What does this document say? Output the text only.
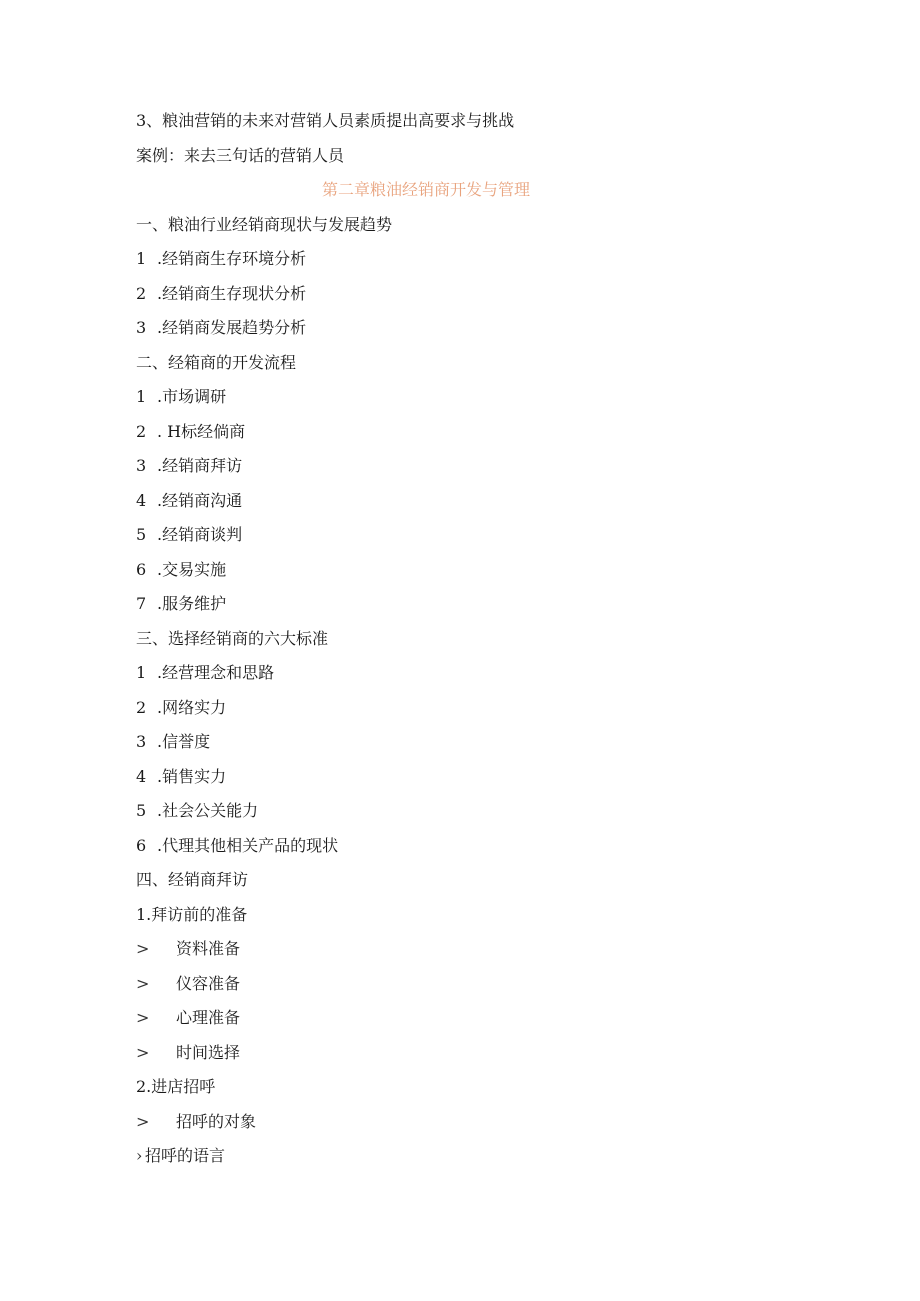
3、粮油营销的未来对营销人员素质提出高要求与挑战
案例：来去三句话的营销人员
第二章粮油经销商开发与管理
一、粮油行业经销商现状与发展趋势
1 .经销商生存环境分析
2 .经销商生存现状分析
3 .经销商发展趋势分析
二、经箱商的开发流程
1 .市场调研
2 . H标经倘商
3 .经销商拜访
4 .经销商沟通
5 .经销商谈判
6 .交易实施
7 .服务维护
三、选择经销商的六大标准
1 .经营理念和思路
2 .网络实力
3 .信誉度
4 .销售实力
5 .社会公关能力
6 .代理其他相关产品的现状
四、经销商拜访
1.拜访前的准备
> 资料准备
> 仪容准备
> 心理准备
> 时间选择
2.进店招呼
> 招呼的对象
› 招呼的语言
